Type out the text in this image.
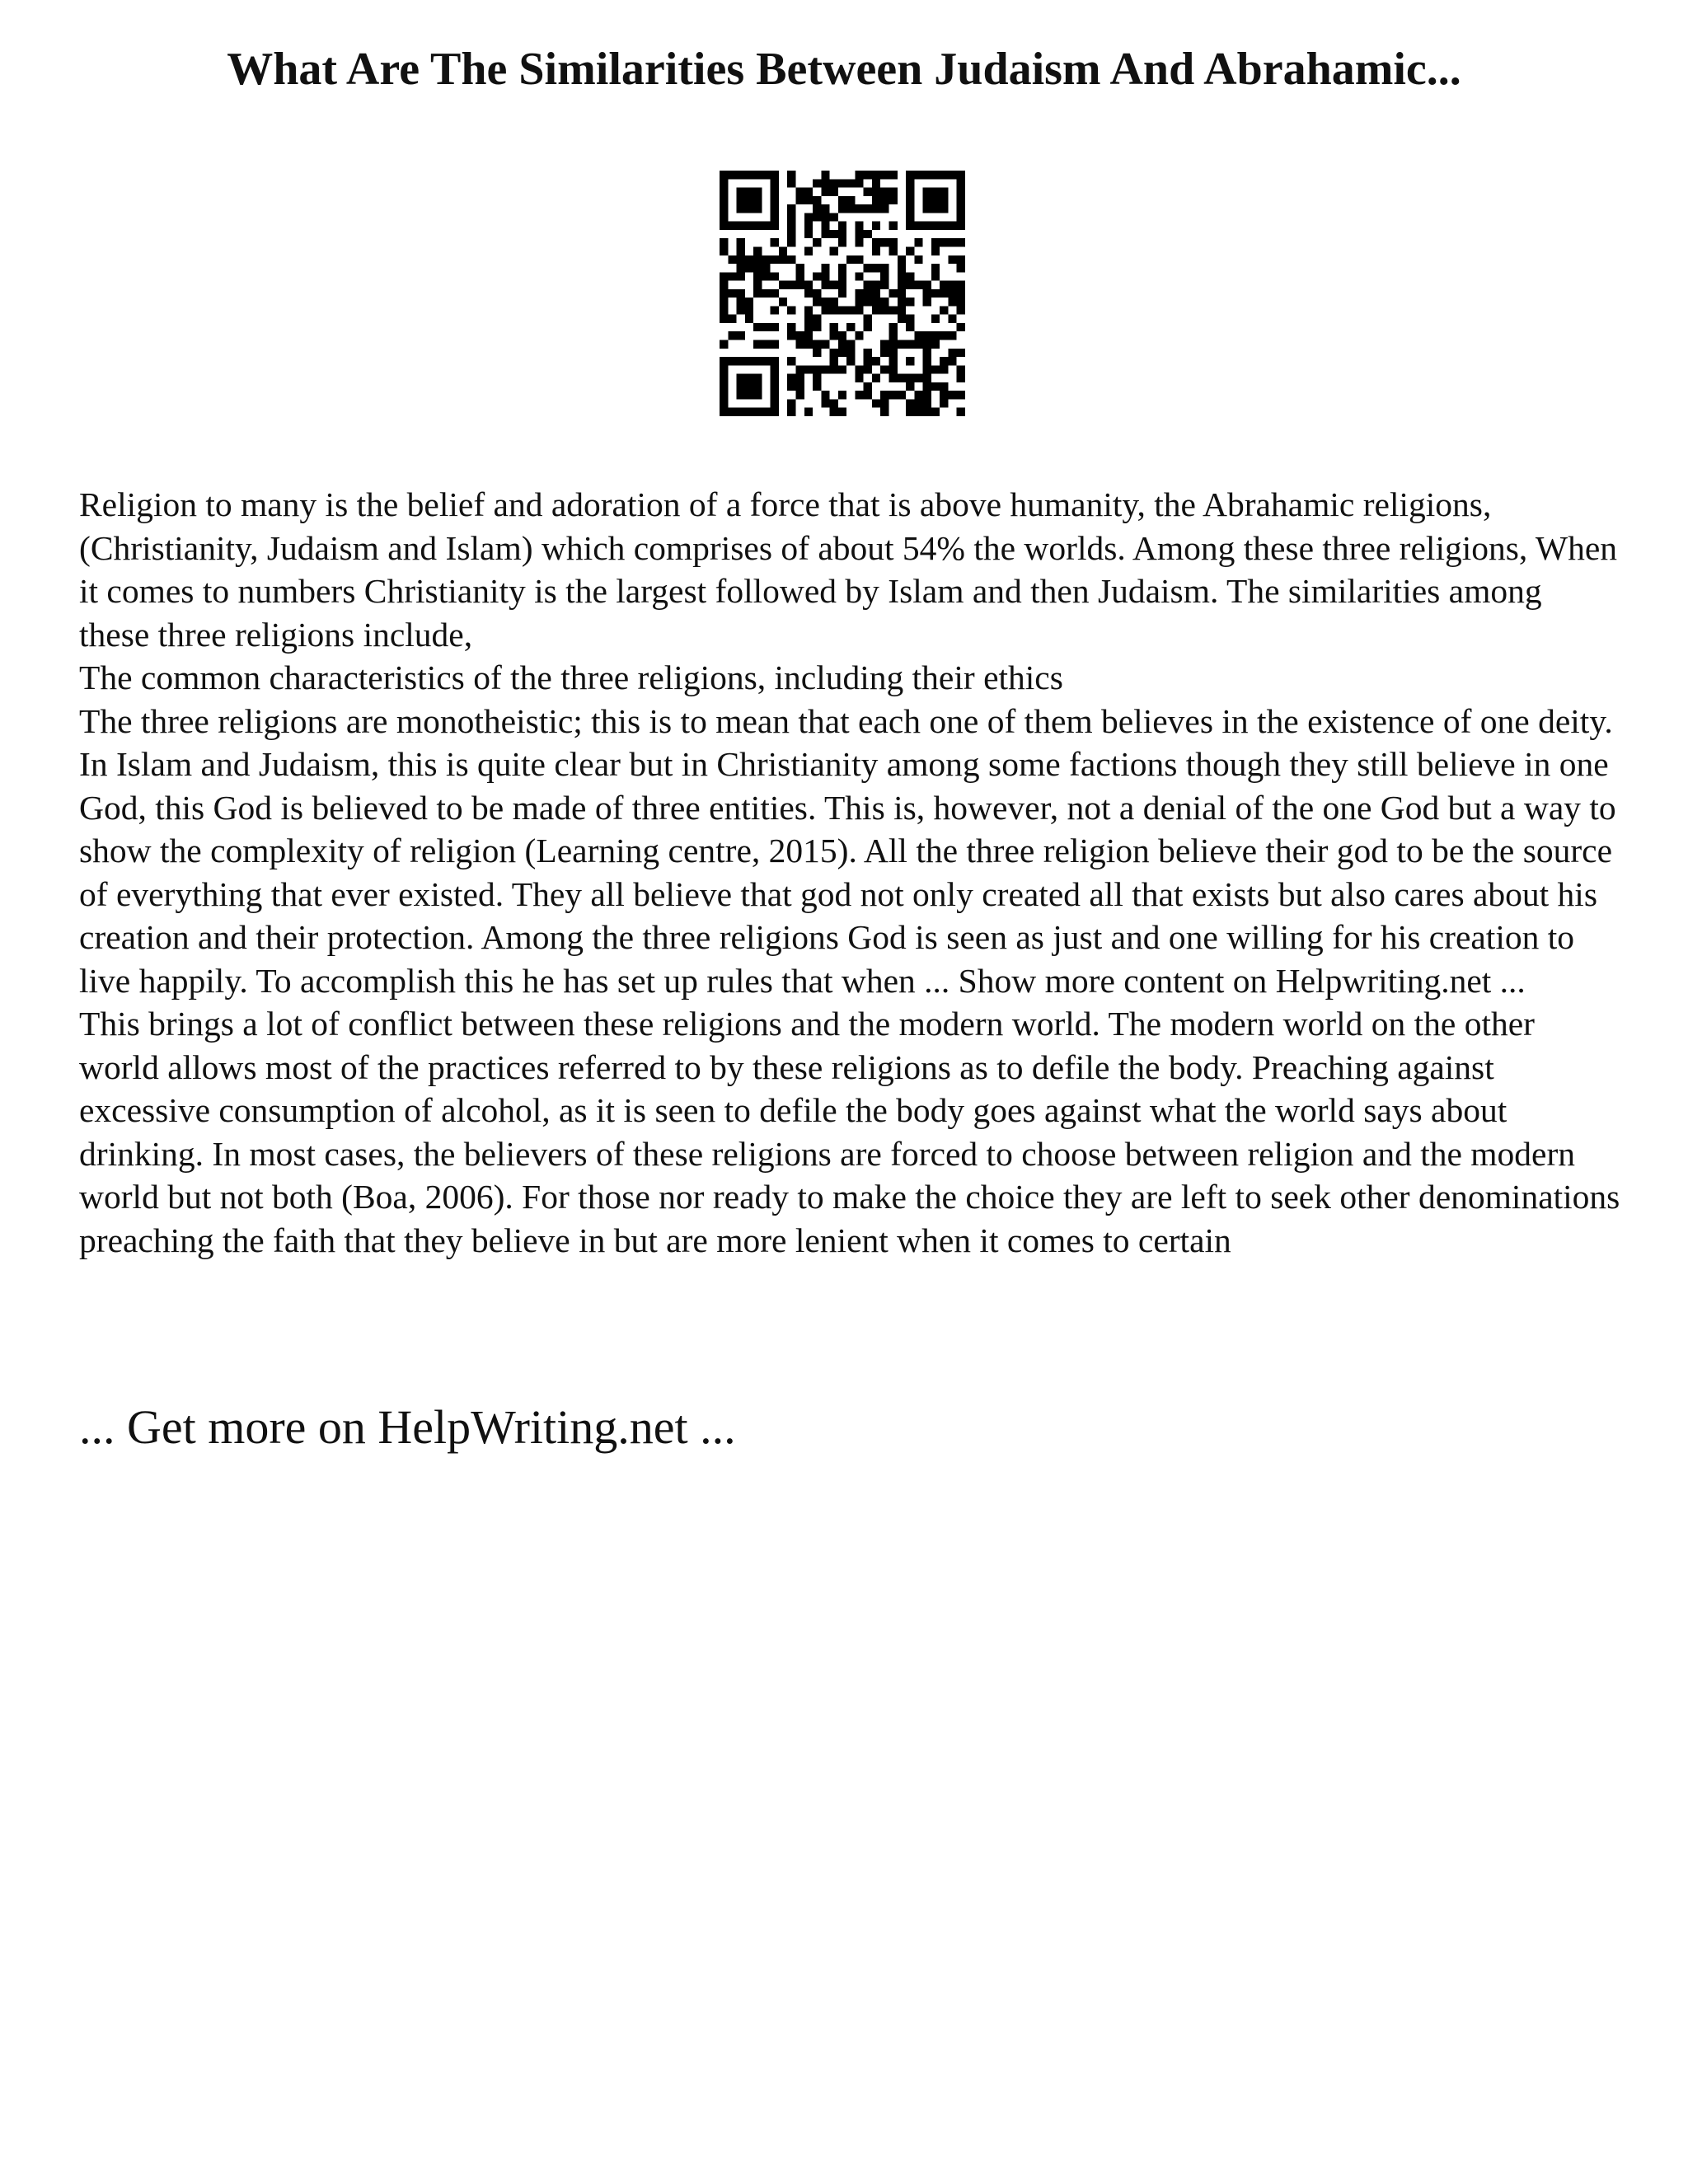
What Are The Similarities Between Judaism And Abrahamic...

Religion to many is the belief and adoration of a force that is above humanity, the Abrahamic religions, (Christianity, Judaism and Islam) which comprises of about 54% the worlds. Among these three religions, When it comes to numbers Christianity is the largest followed by Islam and then Judaism. The similarities among these three religions include,

The common characteristics of the three religions, including their ethics

The three religions are monotheistic; this is to mean that each one of them believes in the existence of one deity. In Islam and Judaism, this is quite clear but in Christianity among some factions though they still believe in one God, this God is believed to be made of three entities. This is, however, not a denial of the one God but a way to show the complexity of religion (Learning centre, 2015). All the three religion believe their god to be the source of everything that ever existed. They all believe that god not only created all that exists but also cares about his creation and their protection. Among the three religions God is seen as just and one willing for his creation to live happily. To accomplish this he has set up rules that when ... Show more content on Helpwriting.net ...

This brings a lot of conflict between these religions and the modern world. The modern world on the other world allows most of the practices referred to by these religions as to defile the body. Preaching against excessive consumption of alcohol, as it is seen to defile the body goes against what the world says about drinking. In most cases, the believers of these religions are forced to choose between religion and the modern world but not both (Boa, 2006). For those nor ready to make the choice they are left to seek other denominations preaching the faith that they believe in but are more lenient when it comes to certain

... Get more on HelpWriting.net ...
